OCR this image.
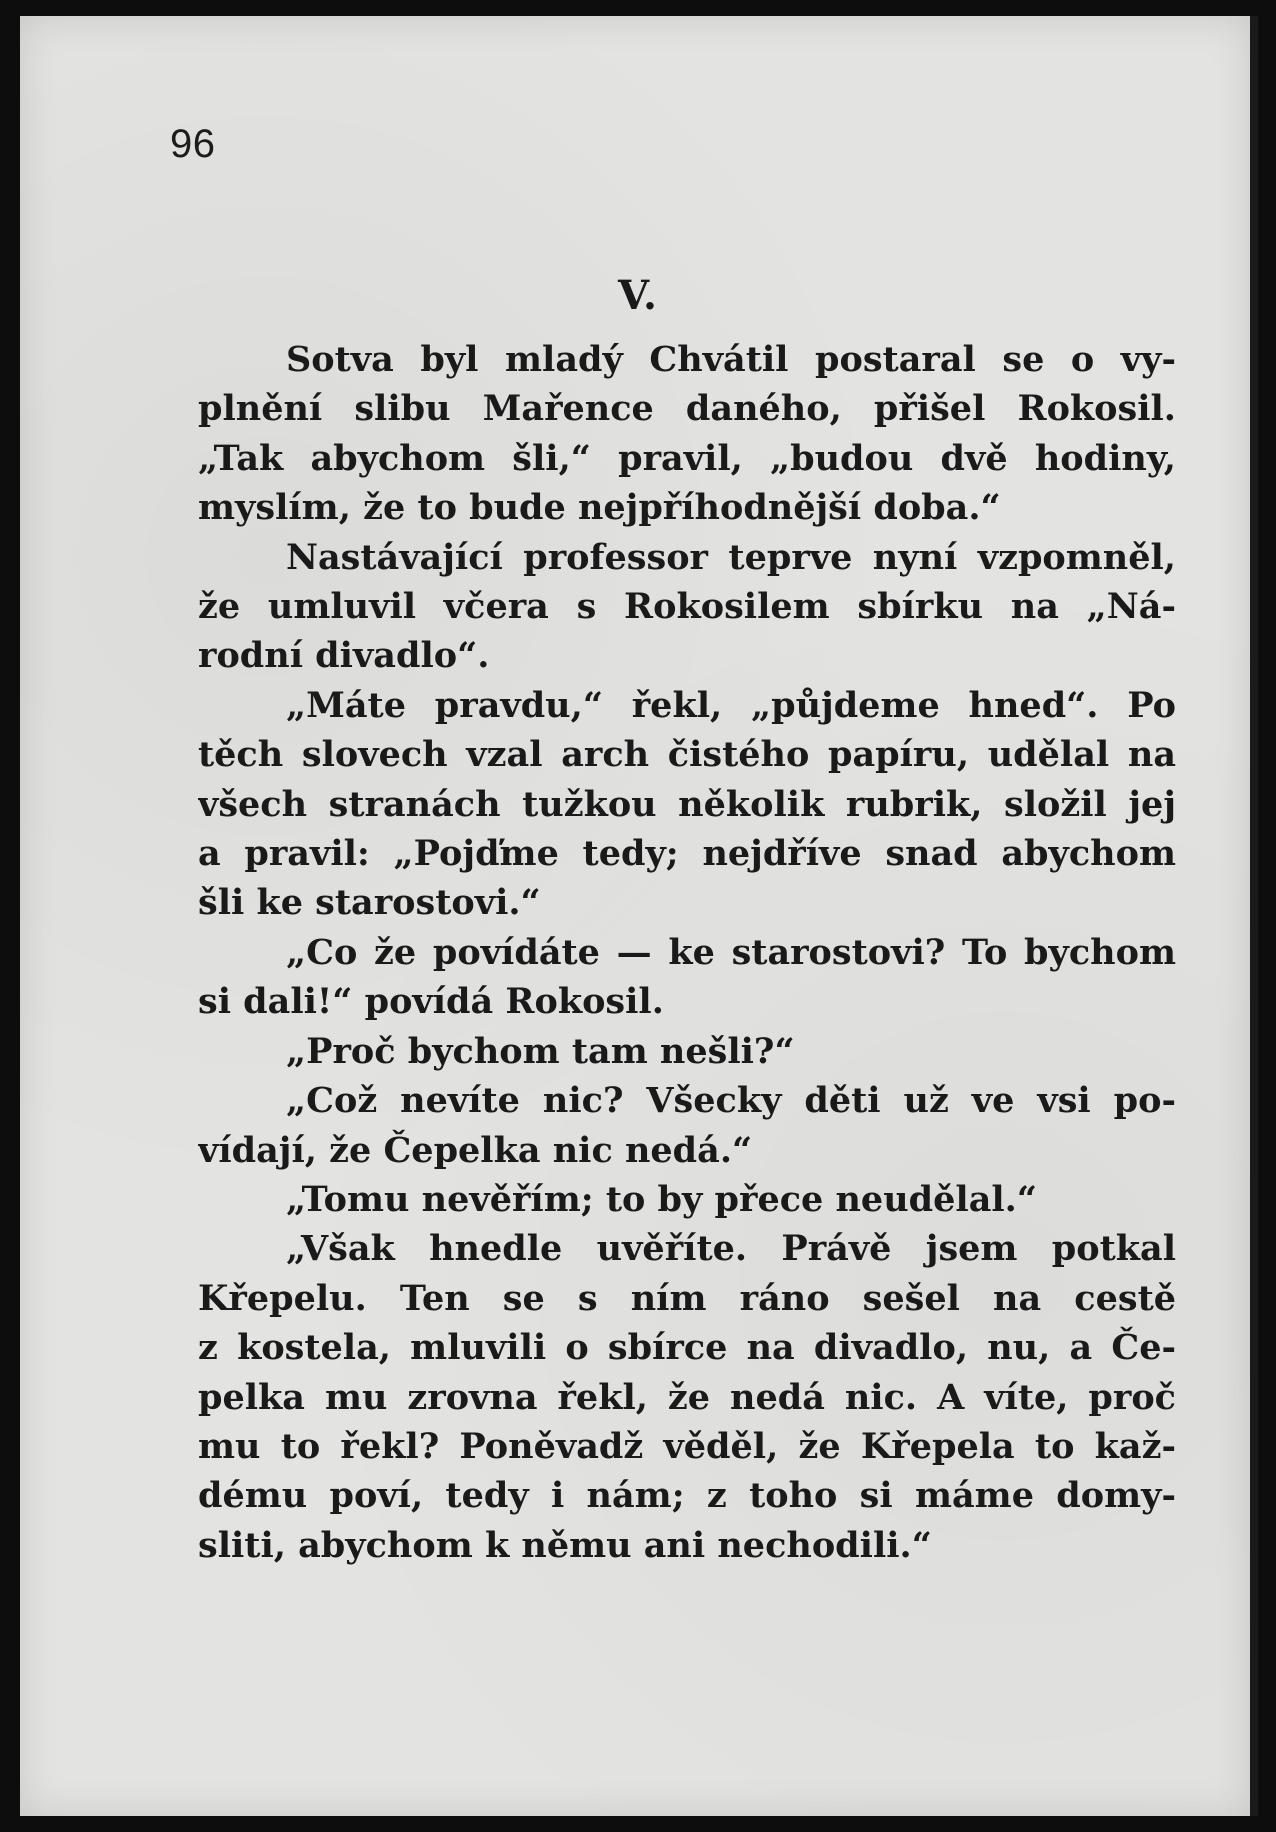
96
V.
Sotva byl mladý Chvátil postaral se o vy-
plnění slibu Mařence daného, přišel Rokosil.
„Tak abychom šli,“ pravil, „budou dvě hodiny,
myslím, že to bude nejpříhodnější doba.“
Nastávající professor teprve nyní vzpomněl,
že umluvil včera s Rokosilem sbírku na „Ná-
rodní divadlo“.
„Máte pravdu,“ řekl, „půjdeme hned“. Po
těch slovech vzal arch čistého papíru, udělal na
všech stranách tužkou několik rubrik, složil jej
a pravil: „Pojďme tedy; nejdříve snad abychom
šli ke starostovi.“
„Co že povídáte — ke starostovi? To bychom
si dali!“ povídá Rokosil.
„Proč bychom tam nešli?“
„Což nevíte nic? Všecky děti už ve vsi po-
vídají, že Čepelka nic nedá.“
„Tomu nevěřím; to by přece neudělal.“
„Však hnedle uvěříte. Právě jsem potkal
Křepelu. Ten se s ním ráno sešel na cestě
z kostela, mluvili o sbírce na divadlo, nu, a Če-
pelka mu zrovna řekl, že nedá nic. A víte, proč
mu to řekl? Poněvadž věděl, že Křepela to kaž-
dému poví, tedy i nám; z toho si máme domy-
sliti, abychom k němu ani nechodili.“
